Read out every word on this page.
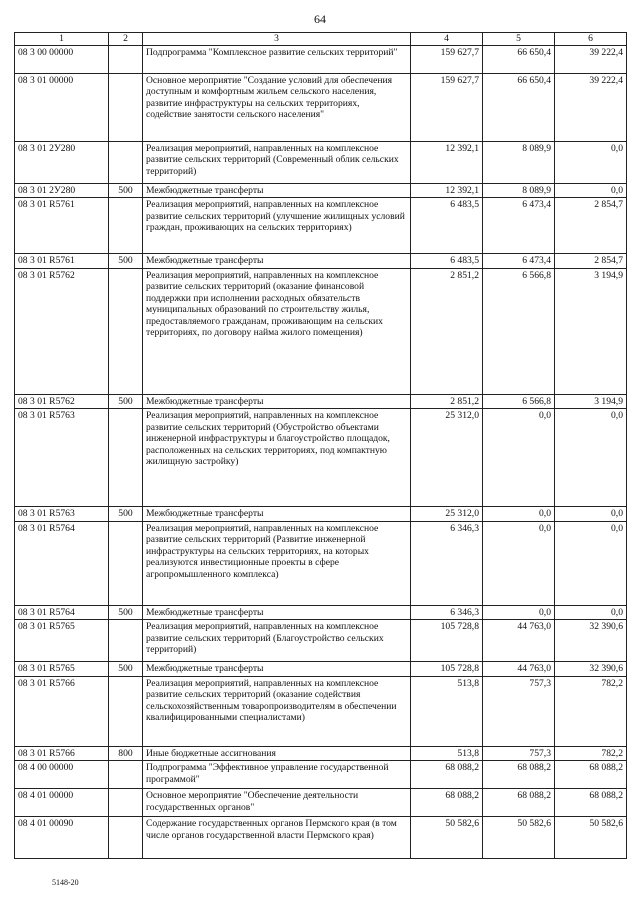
64
1	2	3	4	5	6
08 3 00 00000		Подпрограмма "Комплексное развитие сельских территорий"	159 627,7	66 650,4	39 222,4
08 3 01 00000		Основное мероприятие "Создание условий для обеспечения доступным и комфортным жильем сельского населения, развитие инфраструктуры на сельских территориях, содействие занятости сельского населения"	159 627,7	66 650,4	39 222,4
08 3 01 2У280		Реализация мероприятий, направленных на комплексное развитие сельских территорий (Современный облик сельских территорий)	12 392,1	8 089,9	0,0
08 3 01 2У280	500	Межбюджетные трансферты	12 392,1	8 089,9	0,0
08 3 01 R5761		Реализация мероприятий, направленных на комплексное развитие сельских территорий (улучшение жилищных условий граждан, проживающих на сельских территориях)	6 483,5	6 473,4	2 854,7
08 3 01 R5761	500	Межбюджетные трансферты	6 483,5	6 473,4	2 854,7
08 3 01 R5762		Реализация мероприятий, направленных на комплексное развитие сельских территорий (оказание финансовой поддержки при исполнении расходных обязательств муниципальных образований по строительству жилья, предоставляемого гражданам, проживающим на сельских территориях, по договору найма жилого помещения)	2 851,2	6 566,8	3 194,9
08 3 01 R5762	500	Межбюджетные трансферты	2 851,2	6 566,8	3 194,9
08 3 01 R5763		Реализация мероприятий, направленных на комплексное развитие сельских территорий (Обустройство объектами инженерной инфраструктуры и благоустройство площадок, расположенных на сельских территориях, под компактную жилищную застройку)	25 312,0	0,0	0,0
08 3 01 R5763	500	Межбюджетные трансферты	25 312,0	0,0	0,0
08 3 01 R5764		Реализация мероприятий, направленных на комплексное развитие сельских территорий (Развитие инженерной инфраструктуры на сельских территориях, на которых реализуются инвестиционные проекты в сфере агропромышленного комплекса)	6 346,3	0,0	0,0
08 3 01 R5764	500	Межбюджетные трансферты	6 346,3	0,0	0,0
08 3 01 R5765		Реализация мероприятий, направленных на комплексное развитие сельских территорий (Благоустройство сельских территорий)	105 728,8	44 763,0	32 390,6
08 3 01 R5765	500	Межбюджетные трансферты	105 728,8	44 763,0	32 390,6
08 3 01 R5766		Реализация мероприятий, направленных на комплексное развитие сельских территорий (оказание содействия сельскохозяйственным товаропроизводителям в обеспечении квалифицированными специалистами)	513,8	757,3	782,2
08 3 01 R5766	800	Иные бюджетные ассигнования	513,8	757,3	782,2
08 4 00 00000		Подпрограмма "Эффективное управление государственной программой"	68 088,2	68 088,2	68 088,2
08 4 01 00000		Основное мероприятие "Обеспечение деятельности государственных органов"	68 088,2	68 088,2	68 088,2
08 4 01 00090		Содержание государственных органов Пермского края (в том числе органов государственной власти Пермского края)	50 582,6	50 582,6	50 582,6
5148-20
